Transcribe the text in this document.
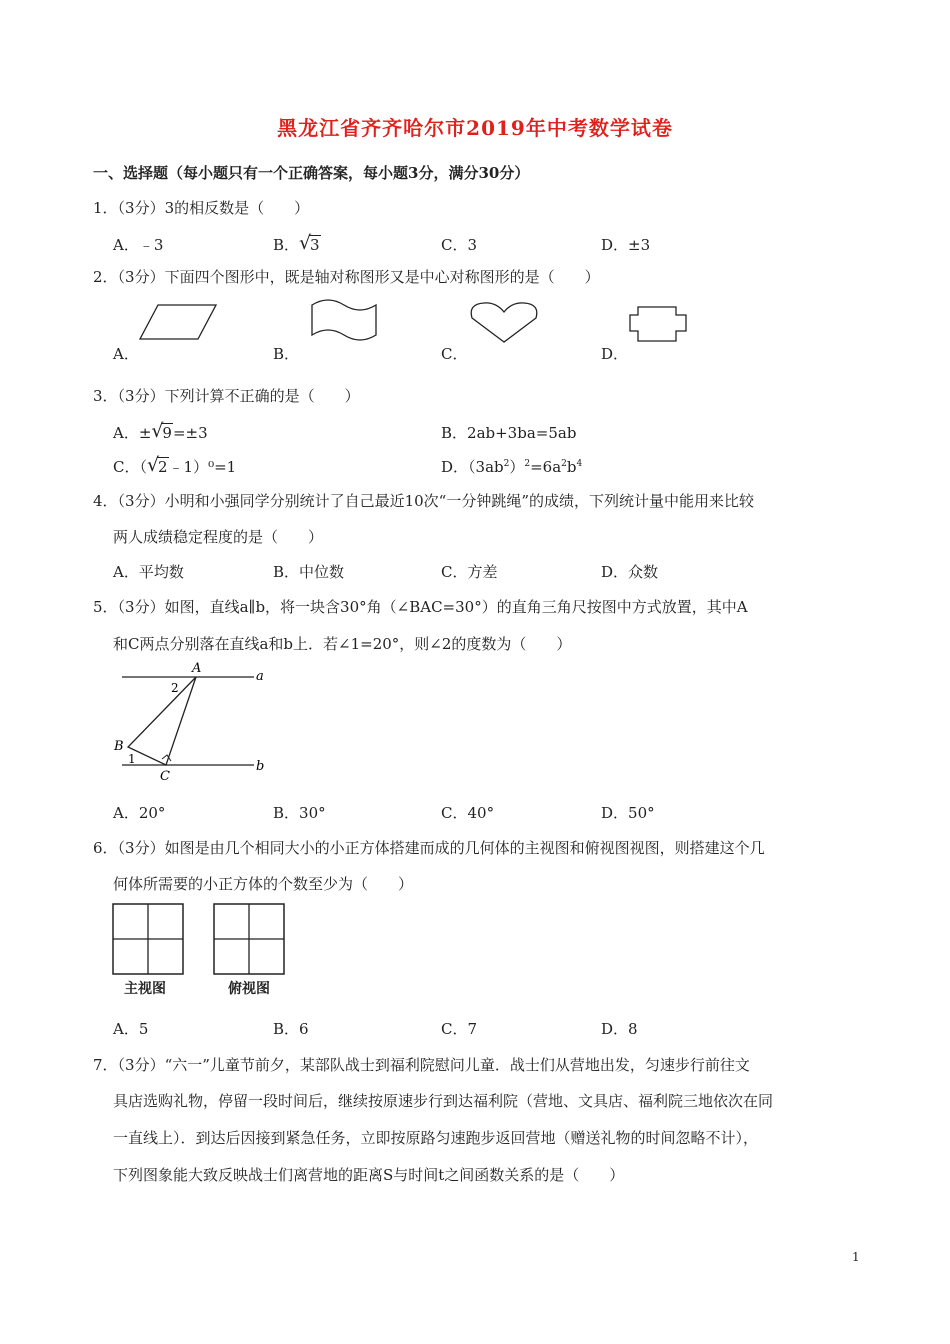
黑龙江省齐齐哈尔市2019年中考数学试卷
一、选择题（每小题只有一个正确答案，每小题3分，满分30分）
1．（3分）3的相反数是（　　）
A．﹣3	B． √
3	C．3	D．±3
2．（3分）下面四个图形中，既是轴对称图形又是中心对称图形的是（　　）
A．	B．	C．	D．
3．（3分）下列计算不正确的是（　　）
A．± √
9=±3	B．2ab+3ba=5ab
C．（ √
2﹣1）⁰=1	D．$(3ab^2)^2=6a^2b^4$
4．（3分）小明和小强同学分别统计了自己最近10次“一分钟跳绳”的成绩，下列统计量中能用来比较
两人成绩稳定程度的是（　　）
A．平均数	B．中位数	C．方差	D．众数
5．（3分）如图，直线a∥b，将一块含30°角（∠BAC=30°）的直角三角尺按图中方式放置，其中A
和C两点分别落在直线a和b上．若∠1=20°，则∠2的度数为（　　）
A
B
C
a
b
2
1
A．20°	B．30°	C．40°	D．50°
6．（3分）如图是由几个相同大小的小正方体搭建而成的几何体的主视图和俯视图视图，则搭建这个几
何体所需要的小正方体的个数至少为（　　）
主视图	俯视图
A．5	B．6	C．7	D．8
7．（3分）“六一”儿童节前夕，某部队战士到福利院慰问儿童．战士们从营地出发，匀速步行前往文
具店选购礼物，停留一段时间后，继续按原速步行到达福利院（营地、文具店、福利院三地依次在同
一直线上）．到达后因接到紧急任务，立即按原路匀速跑步返回营地（赠送礼物的时间忽略不计），
下列图象能大致反映战士们离营地的距离S与时间t之间函数关系的是（　　）
1
